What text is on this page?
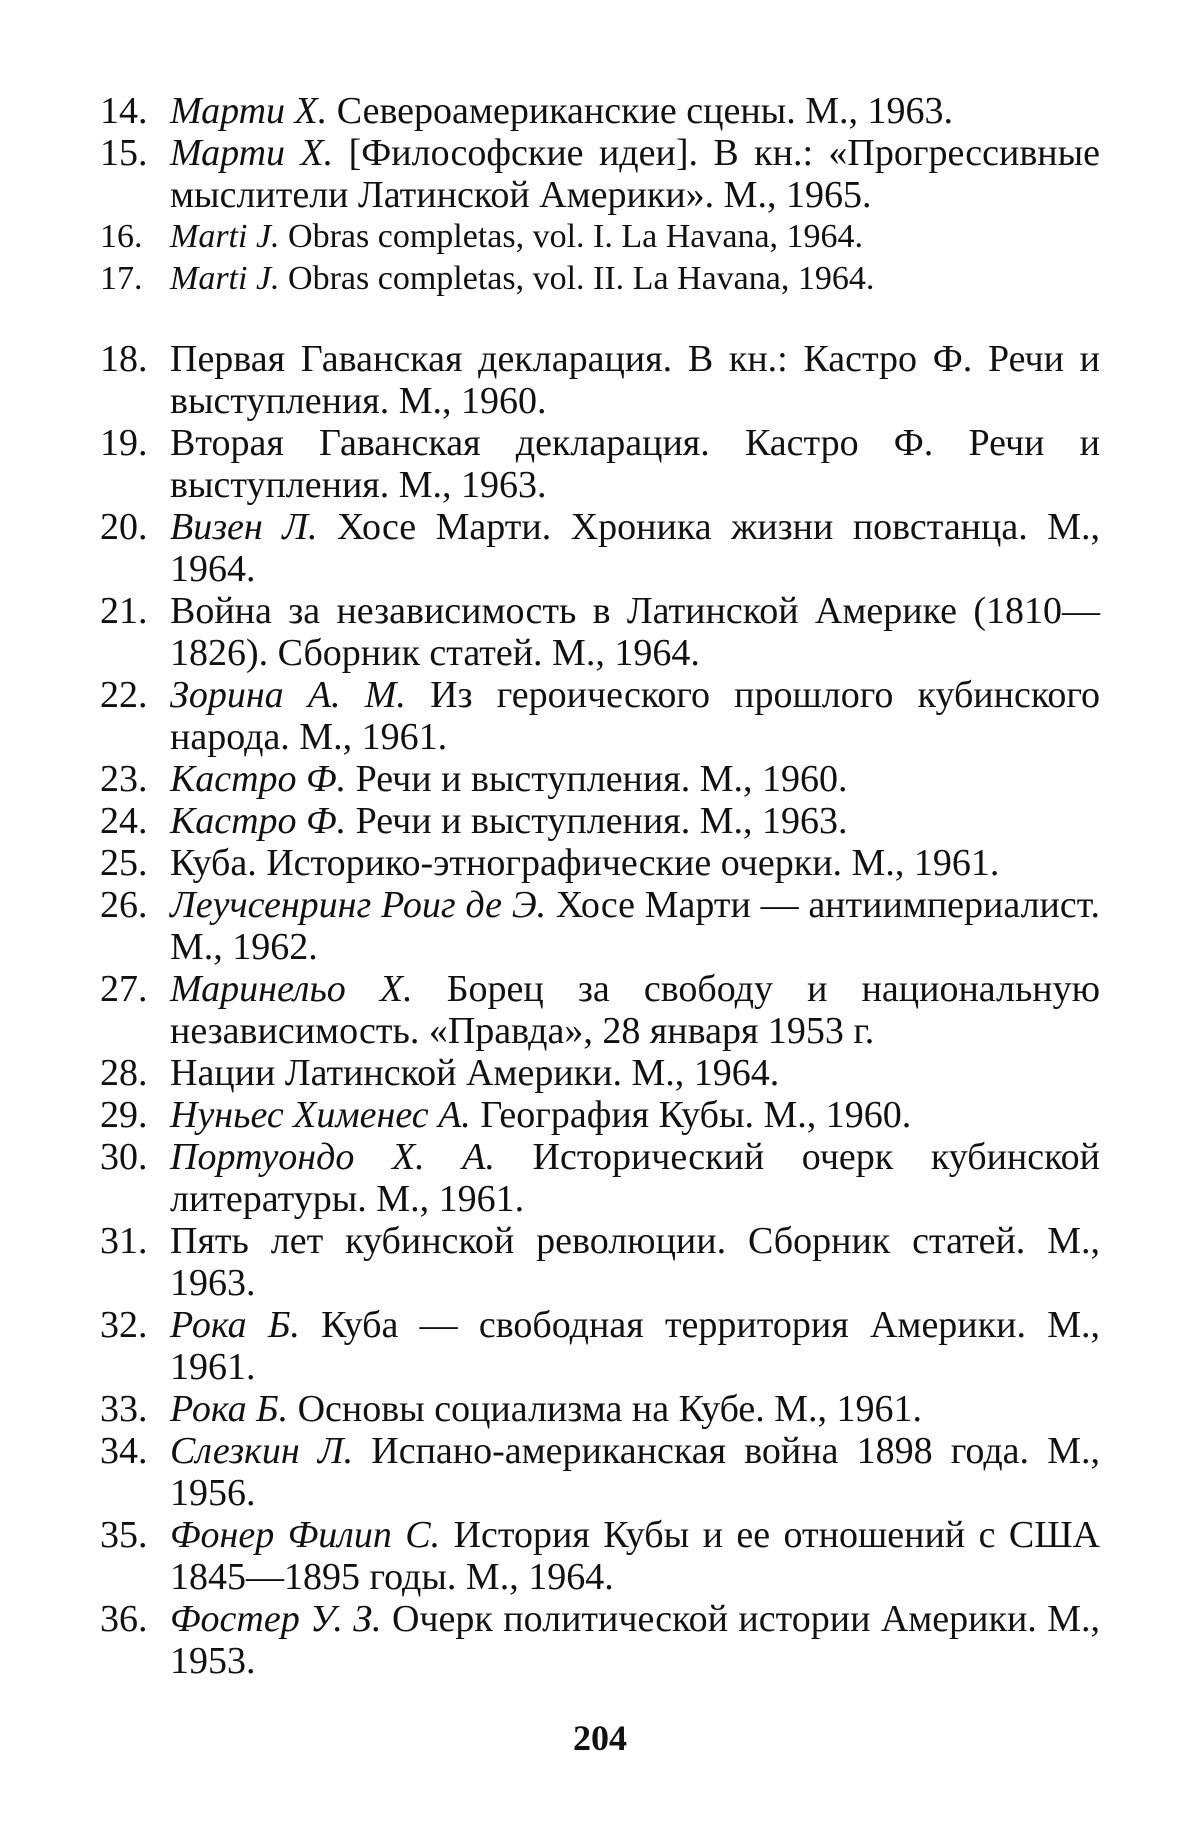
14. Марти Х. Североамериканские сцены. М., 1963.
15. Марти Х. [Философские идеи]. В кн.: «Прогрессивные мыслители Латинской Америки». М., 1965.
16. Marti J. Obras completas, vol. I. La Havana, 1964.
17. Marti J. Obras completas, vol. II. La Havana, 1964.
18. Первая Гаванская декларация. В кн.: Кастро Ф. Речи и выступления. М., 1960.
19. Вторая Гаванская декларация. Кастро Ф. Речи и выступления. М., 1963.
20. Визен Л. Хосе Марти. Хроника жизни повстанца. М., 1964.
21. Война за независимость в Латинской Америке (1810—1826). Сборник статей. М., 1964.
22. Зорина А. М. Из героического прошлого кубинского народа. М., 1961.
23. Кастро Ф. Речи и выступления. М., 1960.
24. Кастро Ф. Речи и выступления. М., 1963.
25. Куба. Историко-этнографические очерки. М., 1961.
26. Леучсенринг Роиг де Э. Хосе Марти — антиимпериалист. М., 1962.
27. Маринельо Х. Борец за свободу и национальную независимость. «Правда», 28 января 1953 г.
28. Нации Латинской Америки. М., 1964.
29. Нуньес Хименес А. География Кубы. М., 1960.
30. Портуондо Х. А. Исторический очерк кубинской литературы. М., 1961.
31. Пять лет кубинской революции. Сборник статей. М., 1963.
32. Рока Б. Куба — свободная территория Америки. М., 1961.
33. Рока Б. Основы социализма на Кубе. М., 1961.
34. Слезкин Л. Испано-американская война 1898 года. М., 1956.
35. Фонер Филип С. История Кубы и ее отношений с США 1845—1895 годы. М., 1964.
36. Фостер У. З. Очерк политической истории Америки. М., 1953.
204
